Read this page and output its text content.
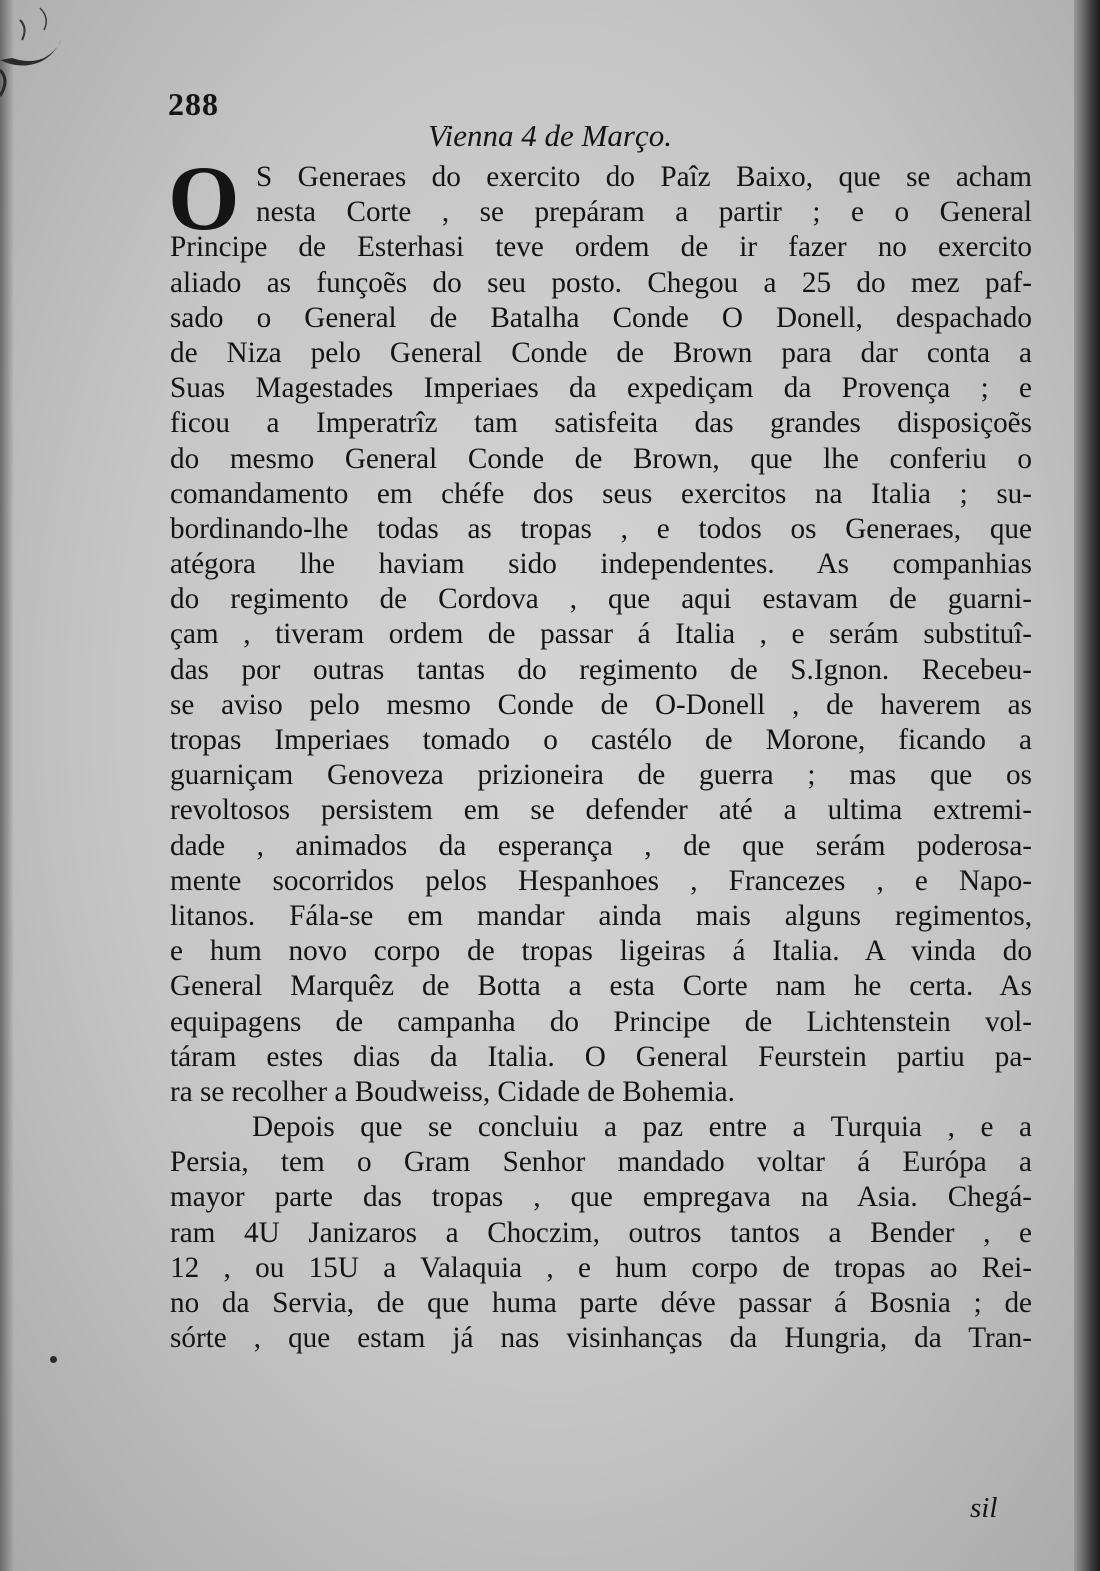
288
Vienna 4 de Março.
O S Generaes do exercito do Paîz Baixo, que se acham
nesta Corte , se prepáram a partir ; e o General
Principe de Esterhasi teve ordem de ir fazer no exercito
aliado as funçoẽs do seu posto. Chegou a 25 do mez paf-
sado o General de Batalha Conde O Donell, despachado
de Niza pelo General Conde de Brown para dar conta a
Suas Magestades Imperiaes da expediçam da Provença ; e
ficou a Imperatrîz tam satisfeita das grandes disposiçoẽs
do mesmo General Conde de Brown, que lhe conferiu o
comandamento em chéfe dos seus exercitos na Italia ; su-
bordinando-lhe todas as tropas , e todos os Generaes, que
atégora lhe haviam sido independentes. As companhias
do regimento de Cordova , que aqui estavam de guarni-
çam , tiveram ordem de passar á Italia , e serám substituî-
das por outras tantas do regimento de S.Ignon. Recebeu-
se aviso pelo mesmo Conde de O-Donell , de haverem as
tropas Imperiaes tomado o castélo de Morone, ficando a
guarniçam Genoveza prizioneira de guerra ; mas que os
revoltosos persistem em se defender até a ultima extremi-
dade , animados da esperança , de que serám poderosa-
mente socorridos pelos Hespanhoes , Francezes , e Napo-
litanos. Fála-se em mandar ainda mais alguns regimentos,
e hum novo corpo de tropas ligeiras á Italia. A vinda do
General Marquêz de Botta a esta Corte nam he certa. As
equipagens de campanha do Principe de Lichtenstein vol-
táram estes dias da Italia. O General Feurstein partiu pa-
ra se recolher a Boudweiss, Cidade de Bohemia.
Depois que se concluiu a paz entre a Turquia , e a
Persia, tem o Gram Senhor mandado voltar á Európa a
mayor parte das tropas , que empregava na Asia. Chegá-
ram 4U Janizaros a Choczim, outros tantos a Bender , e
12 , ou 15U a Valaquia , e hum corpo de tropas ao Rei-
no da Servia, de que huma parte déve passar á Bosnia ; de
sórte , que estam já nas visinhanças da Hungria, da Tran-
sil
